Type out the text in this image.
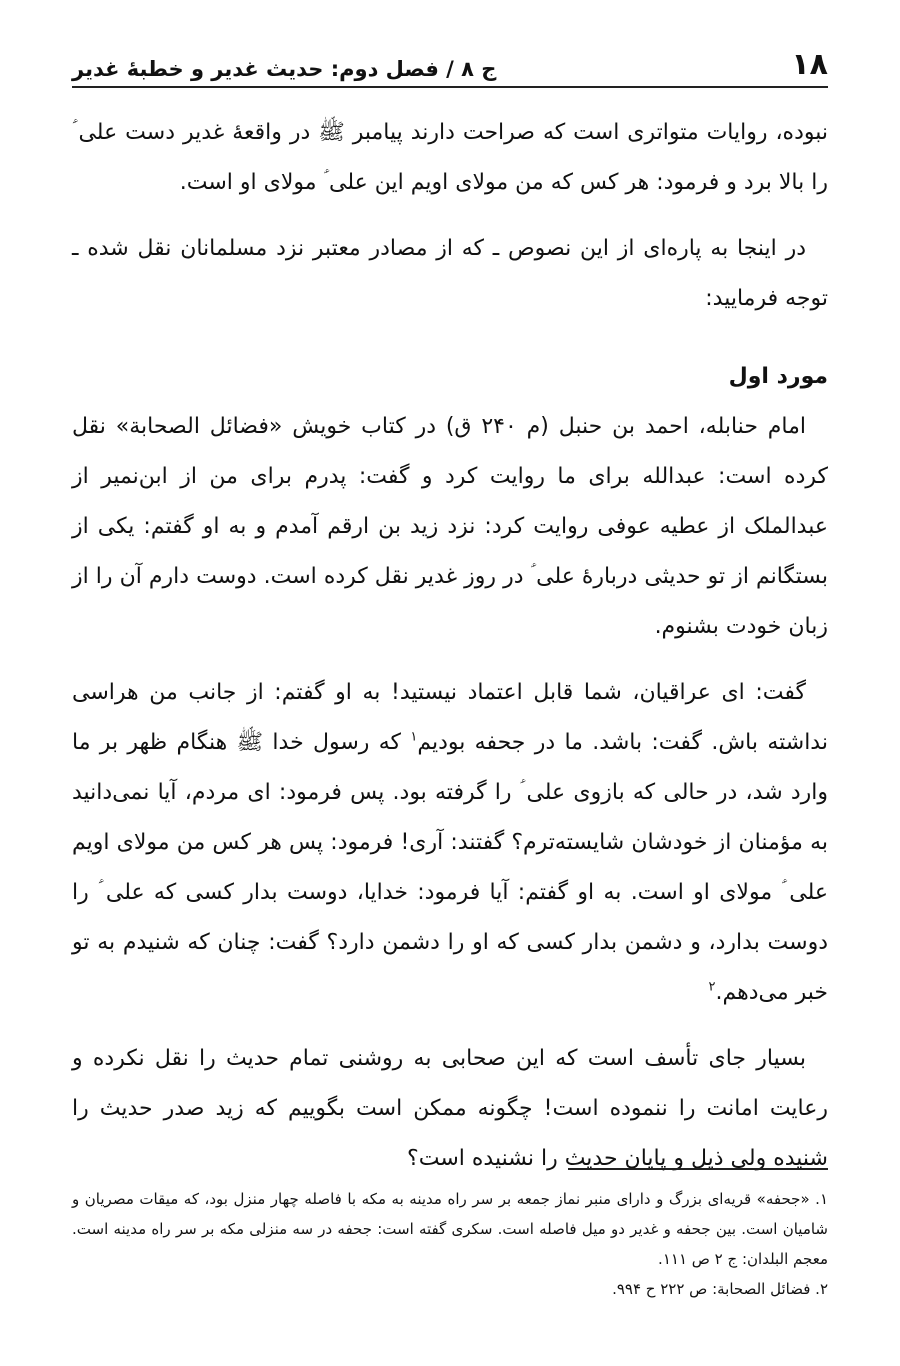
۱۸
ج ۸ / فصل دوم: حدیث غدیر و خطبۀ غدیر

نبوده، روایات متواتری است که صراحت دارند پیامبر ﷺ در واقعۀ غدیر دست علی ؑ را بالا برد و فرمود: هر کس که من مولای اویم این علی ؑ مولای او است.

در اینجا به پاره‌ای از این نصوص ـ که از مصادر معتبر نزد مسلمانان نقل شده ـ توجه فرمایید:

مورد اول

امام حنابله، احمد بن حنبل (م ۲۴۰ ق) در کتاب خویش «فضائل الصحابة» نقل کرده است: عبدالله برای ما روایت کرد و گفت: پدرم برای من از ابن‌نمیر از عبدالملک از عطیه عوفی روایت کرد: نزد زید بن ارقم آمدم و به او گفتم: یکی از بستگانم از تو حدیثی دربارۀ علی ؑ در روز غدیر نقل کرده است. دوست دارم آن را از زبان خودت بشنوم.

گفت: ای عراقیان، شما قابل اعتماد نیستید! به او گفتم: از جانب من هراسی نداشته باش. گفت: باشد. ما در جحفه بودیم$^۱$ که رسول خدا ﷺ هنگام ظهر بر ما وارد شد، در حالی که بازوی علی ؑ را گرفته بود. پس فرمود: ای مردم، آیا نمی‌دانید به مؤمنان از خودشان شایسته‌ترم؟ گفتند: آری! فرمود: پس هر کس من مولای اویم علی ؑ مولای او است. به او گفتم: آیا فرمود: خدایا، دوست بدار کسی که علی ؑ را دوست بدارد، و دشمن بدار کسی که او را دشمن دارد؟ گفت: چنان که شنیدم به تو خبر می‌دهم.$^۲$

بسیار جای تأسف است که این صحابی به روشنی تمام حدیث را نقل نکرده و رعایت امانت را ننموده است! چگونه ممکن است بگوییم که زید صدر حدیث را شنیده ولی ذیل و پایان حدیث را نشنیده است؟

۱. «جحفه» قریه‌ای بزرگ و دارای منبر نماز جمعه بر سر راه مدینه به مکه با فاصله چهار منزل بود، که میقات مصریان و شامیان است. بین جحفه و غدیر دو میل فاصله است. سکری گفته است: جحفه در سه منزلی مکه بر سر راه مدینه است. معجم البلدان: ج ۲ ص ۱۱۱.

۲. فضائل الصحابة: ص ۲۲۲ ح ۹۹۴.
